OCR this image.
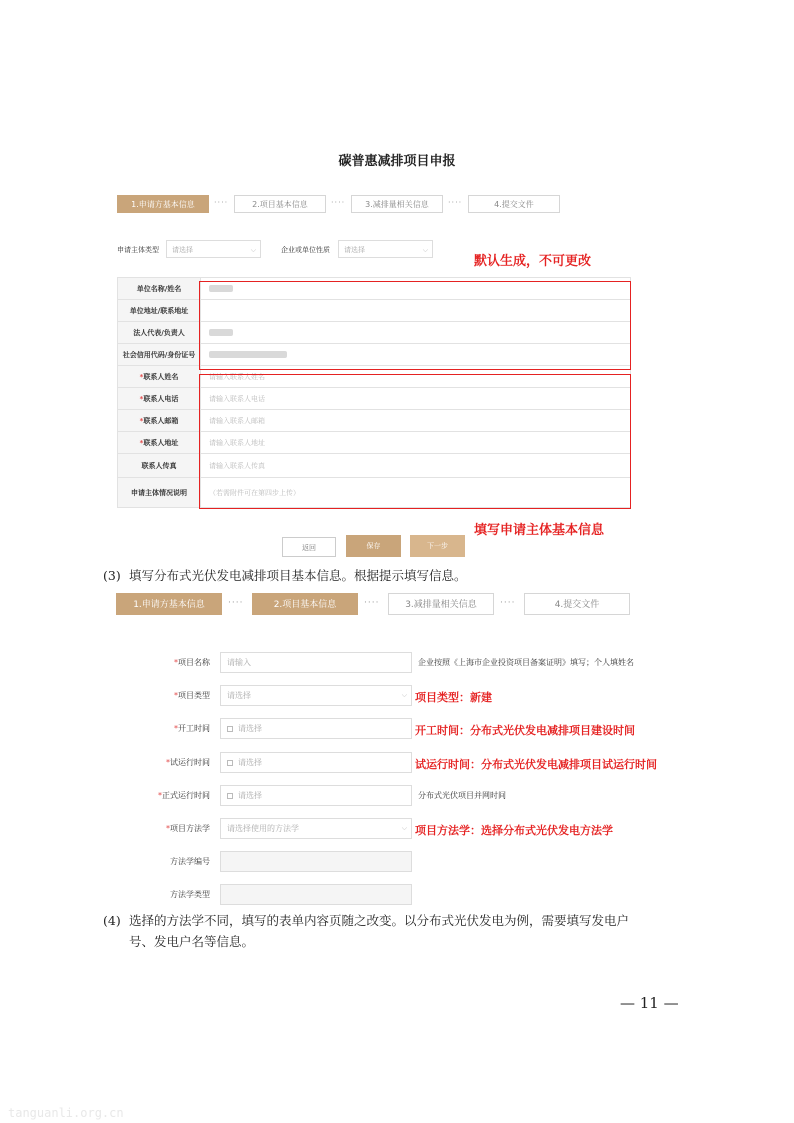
碳普惠减排项目申报
1.申请方基本信息	····	2.项目基本信息	····	3.减排量相关信息	····	4.提交文件
申请主体类型	请选择	⌵	企业或单位性质	请选择	⌵
单位名称/姓名	
单位地址/联系地址	
法人代表/负责人	
社会信用代码/身份证号	
*联系人姓名	请输入联系人姓名
*联系人电话	请输入联系人电话
*联系人邮箱	请输入联系人邮箱
*联系人地址	请输入联系人地址
联系人传真	请输入联系人传真
申请主体情况说明	（若需附件可在第四步上传）
默认生成，不可更改
填写申请主体基本信息
返回	保存	下一步
(3) 填写分布式光伏发电减排项目基本信息。根据提示填写信息。
1.申请方基本信息	····	2.项目基本信息	····	3.减排量相关信息	····	4.提交文件
*项目名称	请输入	企业按照《上海市企业投资项目备案证明》填写；个人填姓名
*项目类型	请选择	⌵ 项目类型：新建
*开工时间	请选择	开工时间：分布式光伏发电减排项目建设时间
*试运行时间	请选择	试运行时间：分布式光伏发电减排项目试运行时间
*正式运行时间	请选择	分布式光伏项目并网时间
*项目方法学	请选择使用的方法学	⌵ 项目方法学：选择分布式光伏发电方法学
方法学编号
方法学类型
(4) 选择的方法学不同，填写的表单内容页随之改变。以分布式光伏发电为例，需要填写发电户
号、发电户名等信息。
— 11 —
tanguanli.org.cn
